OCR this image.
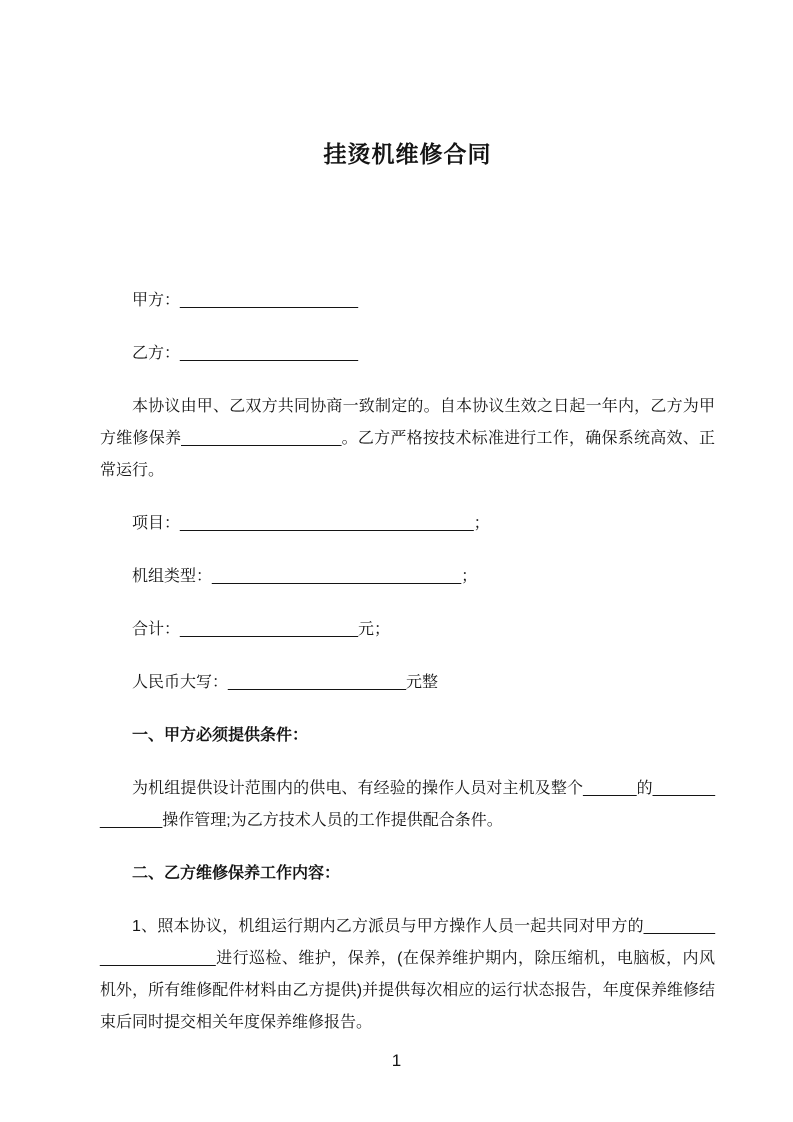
挂烫机维修合同

甲方：____________________

乙方：____________________

本协议由甲、乙双方共同协商一致制定的。自本协议生效之日起一年内，乙方为甲方维修保养__________________。乙方严格按技术标准进行工作，确保系统高效、正常运行。

项目：_________________________________；

机组类型：____________________________；

合计：____________________元；

人民币大写：____________________元整

一、甲方必须提供条件：

为机组提供设计范围内的供电、有经验的操作人员对主机及整个______的______________操作管理;为乙方技术人员的工作提供配合条件。

二、乙方维修保养工作内容：

1、照本协议，机组运行期内乙方派员与甲方操作人员一起共同对甲方的_____________________进行巡检、维护，保养，(在保养维护期内，除压缩机，电脑板，内风机外，所有维修配件材料由乙方提供)并提供每次相应的运行状态报告，年度保养维修结束后同时提交相关年度保养维修报告。

1
